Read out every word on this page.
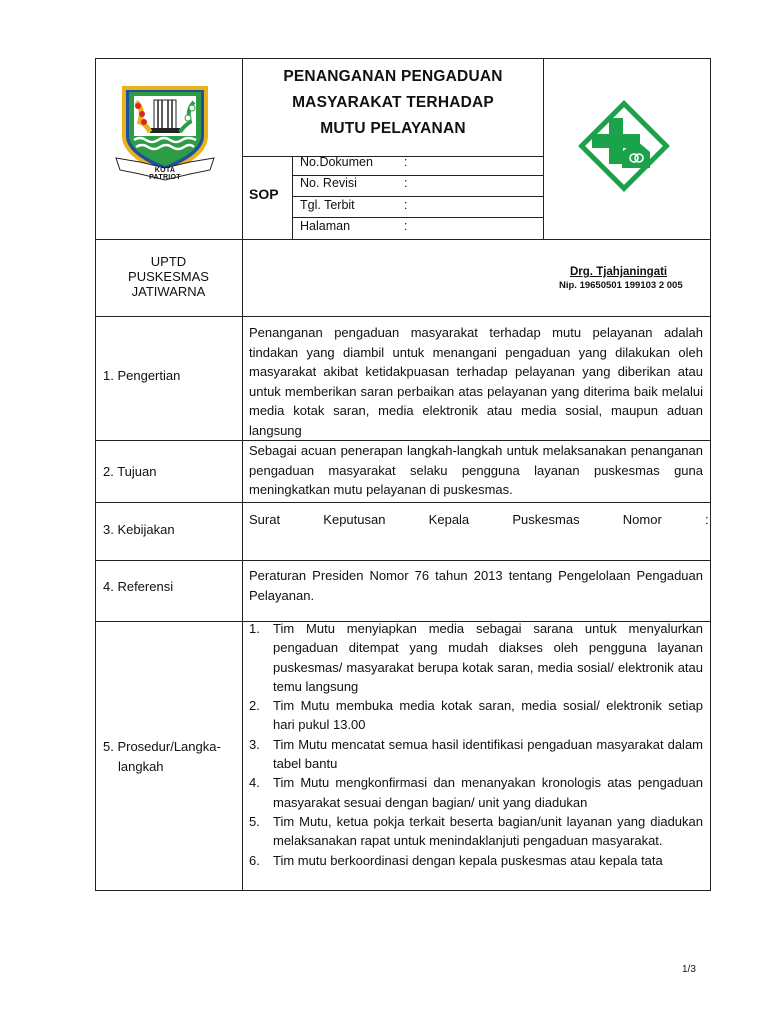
KOTA PATRIOT
PENANGANAN PENGADUAN
MASYARAKAT TERHADAP
MUTU PELAYANAN
SOP
No.Dokumen :
No. Revisi	:
Tgl. Terbit	:
Halaman	:
UPTD
PUSKESMAS
JATIWARNA
Drg. Tjahjaningati
Nip. 19650501 199103 2 005
1. Pengertian

Penanganan pengaduan masyarakat terhadap mutu pelayanan adalah tindakan yang diambil untuk menangani pengaduan yang dilakukan oleh masyarakat akibat ketidakpuasan terhadap pelayanan yang diberikan atau untuk memberikan saran perbaikan atas pelayanan yang diterima baik melalui media kotak saran, media elektronik atau media sosial, maupun aduan langsung

2. Tujuan

Sebagai acuan penerapan langkah-langkah untuk melaksanakan penanganan pengaduan masyarakat selaku pengguna layanan puskesmas guna meningkatkan mutu pelayanan di puskesmas.

3. Kebijakan
Surat  Keputusan  Kepala  Puskesmas  Nomor  :
4. Referensi

Peraturan Presiden Nomor 76 tahun 2013 tentang Pengelolaan Pengaduan Pelayanan.

5. Prosedur/Langka-
langkah
1. Tim Mutu menyiapkan media sebagai sarana untuk menyalurkan pengaduan ditempat yang mudah diakses oleh pengguna layanan puskesmas/ masyarakat berupa kotak saran, media sosial/ elektronik atau temu langsung
2. Tim Mutu membuka media kotak saran, media sosial/ elektronik setiap hari pukul 13.00
3. Tim Mutu mencatat semua hasil identifikasi pengaduan masyarakat dalam tabel bantu
4. Tim Mutu mengkonfirmasi dan menanyakan kronologis atas pengaduan masyarakat sesuai dengan bagian/ unit yang diadukan
5. Tim Mutu, ketua pokja terkait beserta bagian/unit layanan yang diadukan melaksanakan rapat untuk menindaklanjuti pengaduan masyarakat.
6. Tim mutu berkoordinasi dengan kepala puskesmas atau kepala tata
1/3
